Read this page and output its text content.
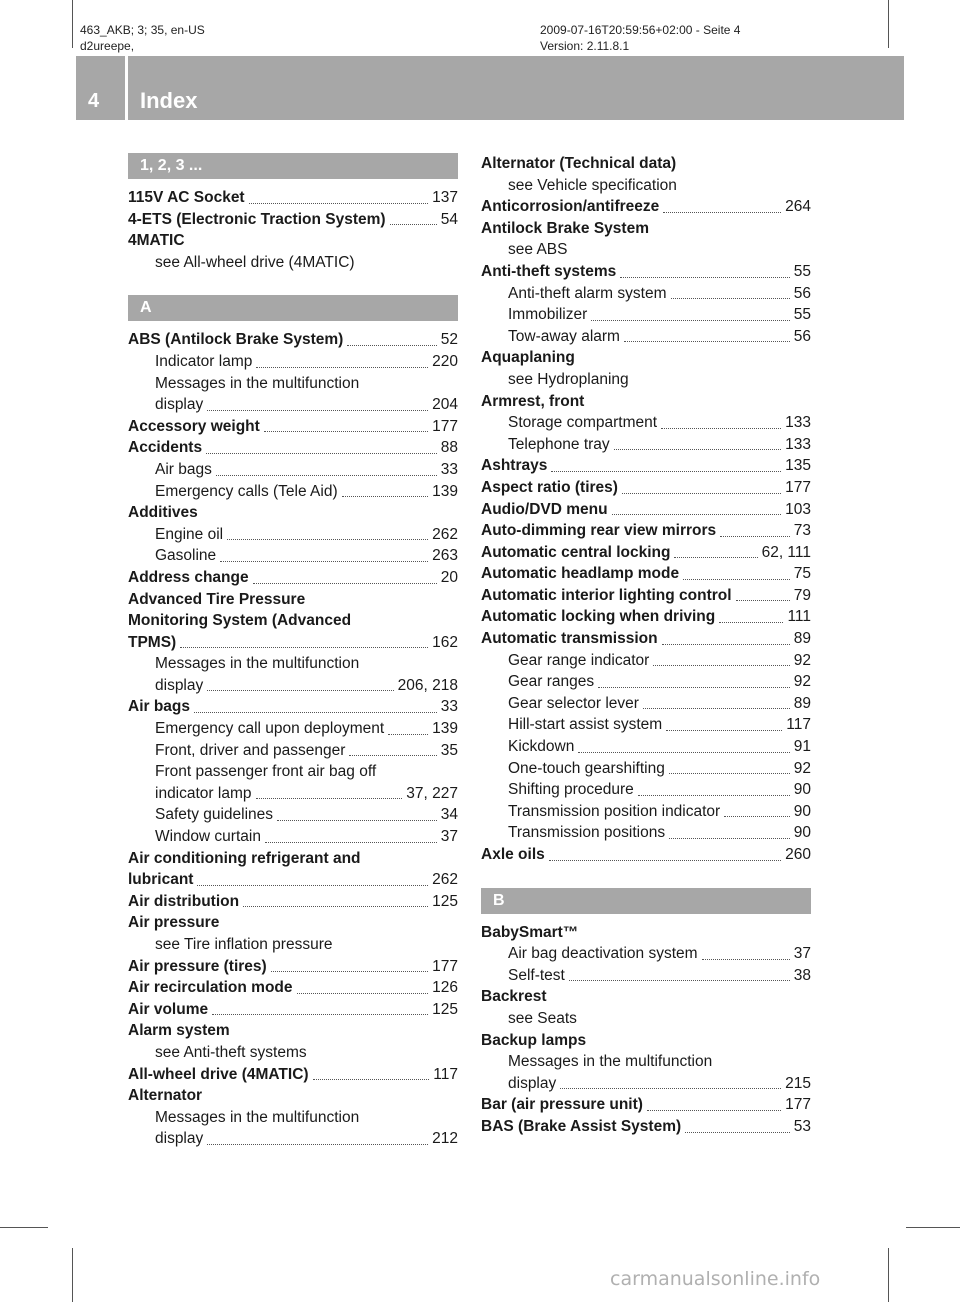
463_AKB; 3; 35, en-US
d2ureepe,
2009-07-16T20:59:56+02:00 - Seite 4
Version: 2.11.8.1
4 Index
1, 2, 3 ...
115V AC Socket	137
4-ETS (Electronic Traction System)	54
4MATIC
see All-wheel drive (4MATIC)
A
ABS (Antilock Brake System)	52
Indicator lamp	220
Messages in the multifunction
display	204
Accessory weight	177
Accidents	88
Air bags	33
Emergency calls (Tele Aid)	139
Additives
Engine oil	262
Gasoline	263
Address change	20
Advanced Tire Pressure
Monitoring System (Advanced
TPMS)	162
Messages in the multifunction
display	206, 218
Air bags	33
Emergency call upon deployment	139
Front, driver and passenger	35
Front passenger front air bag off
indicator lamp	37, 227
Safety guidelines	34
Window curtain	37
Air conditioning refrigerant and
lubricant	262
Air distribution	125
Air pressure
see Tire inflation pressure
Air pressure (tires)	177
Air recirculation mode	126
Air volume	125
Alarm system
see Anti-theft systems
All-wheel drive (4MATIC)	117
Alternator
Messages in the multifunction
display	212
Alternator (Technical data)
see Vehicle specification
Anticorrosion/antifreeze	264
Antilock Brake System
see ABS
Anti-theft systems	55
Anti-theft alarm system	56
Immobilizer	55
Tow-away alarm	56
Aquaplaning
see Hydroplaning
Armrest, front
Storage compartment	133
Telephone tray	133
Ashtrays	135
Aspect ratio (tires)	177
Audio/DVD menu	103
Auto-dimming rear view mirrors	73
Automatic central locking	62, 111
Automatic headlamp mode	75
Automatic interior lighting control	79
Automatic locking when driving	111
Automatic transmission	89
Gear range indicator	92
Gear ranges	92
Gear selector lever	89
Hill-start assist system	117
Kickdown	91
One-touch gearshifting	92
Shifting procedure	90
Transmission position indicator	90
Transmission positions	90
Axle oils	260
B
BabySmart™
Air bag deactivation system	37
Self-test	38
Backrest
see Seats
Backup lamps
Messages in the multifunction
display	215
Bar (air pressure unit)	177
BAS (Brake Assist System)	53
carmanualsonline.info
